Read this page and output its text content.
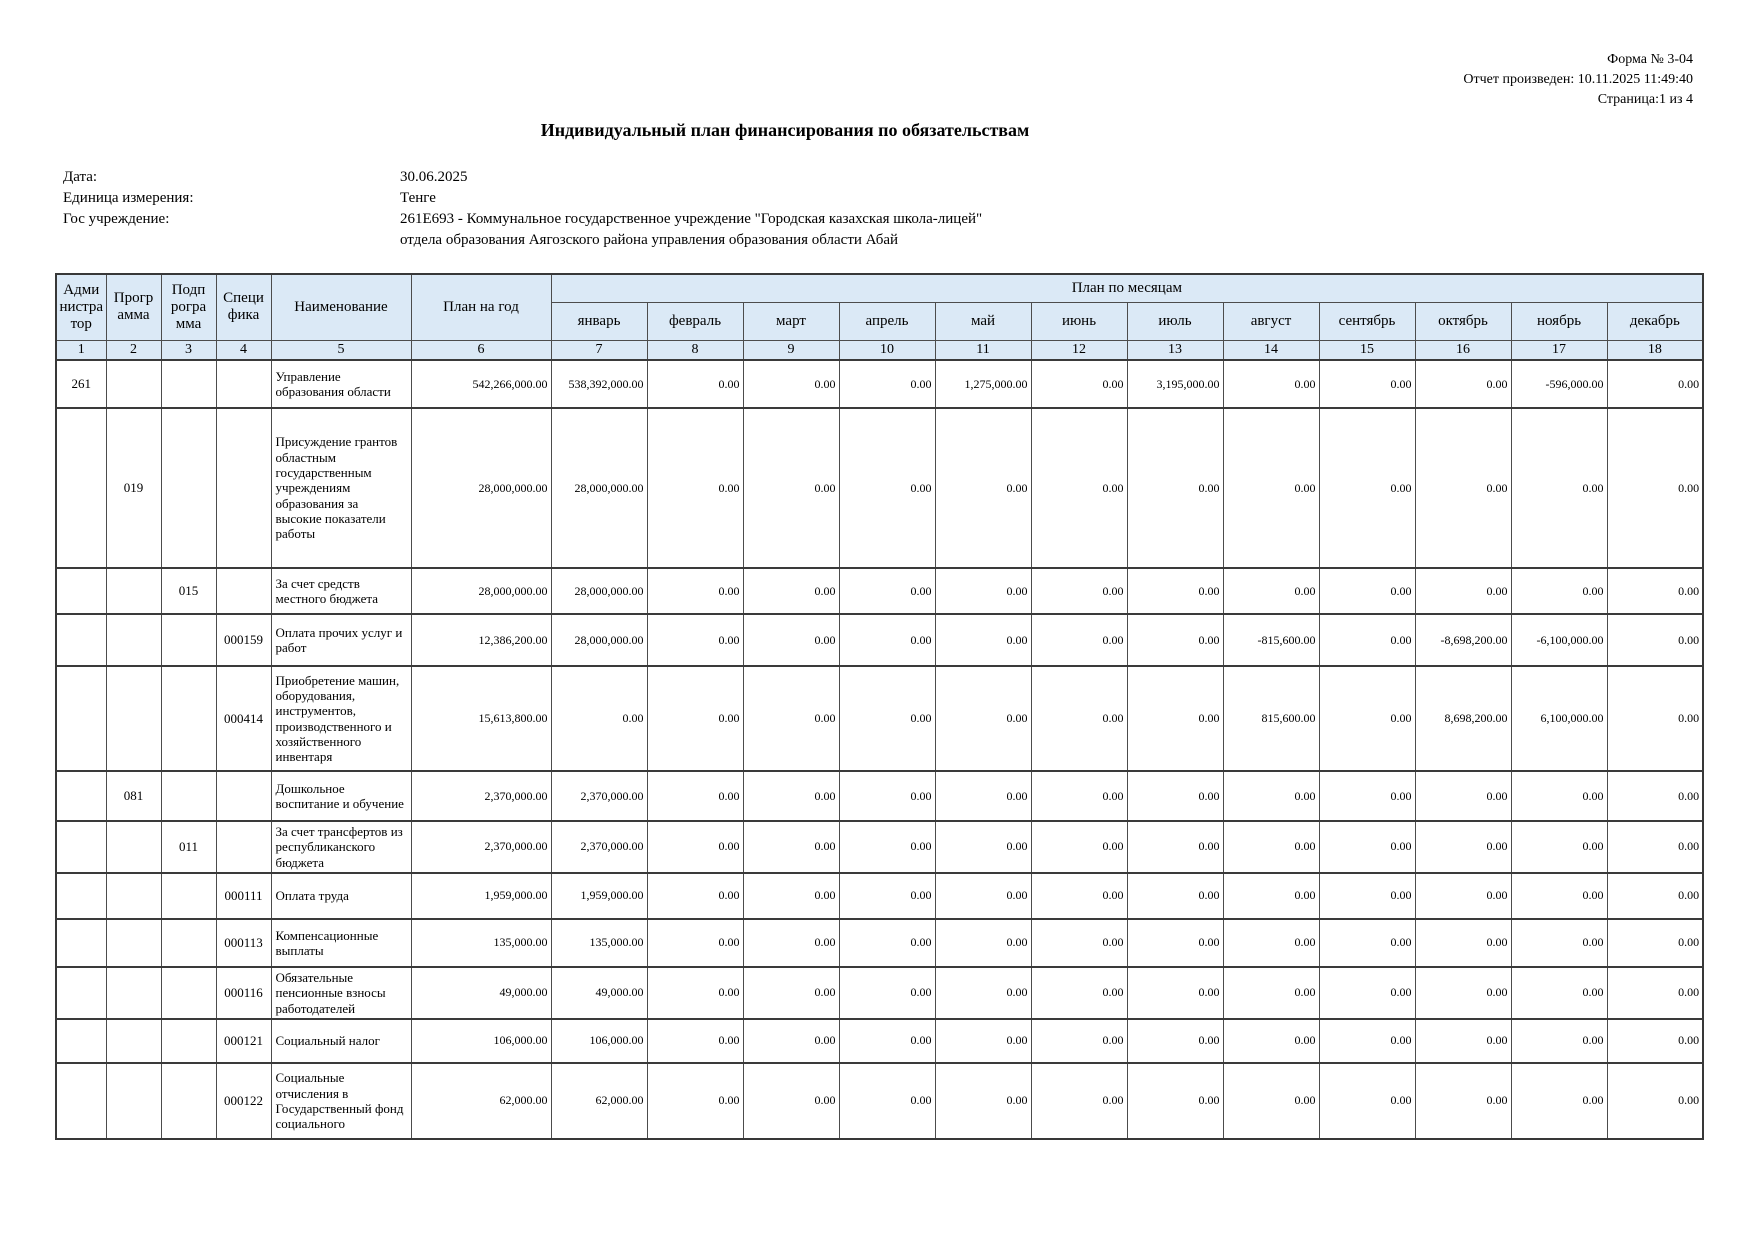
Форма № 3-04
Отчет произведен: 10.11.2025 11:49:40
Страница:1 из 4
Индивидуальный план финансирования по обязательствам
Дата:	30.06.2025
Единица измерения:	Тенге
Гос учреждение:	261E693 - Коммунальное государственное учреждение "Городская казахская школа-лицей" отдела образования Аягозского района управления образования области Абай
Адми нистра тор	Прогр амма	Подп рогра мма	Специ фика	Наименование	План на год	План по месяцам											
						январь	февраль	март	апрель	май	июнь	июль	август	сентябрь	октябрь	ноябрь	декабрь
1	2	3	4	5	6	7	8	9	10	11	12	13	14	15	16	17	18
261				Управление образования области	542,266,000.00	538,392,000.00	0.00	0.00	0.00	1,275,000.00	0.00	3,195,000.00	0.00	0.00	0.00	-596,000.00	0.00
	019			Присуждение грантов областным государственным учреждениям образования за высокие показатели работы	28,000,000.00	28,000,000.00	0.00	0.00	0.00	0.00	0.00	0.00	0.00	0.00	0.00	0.00	0.00
		015		За счет средств местного бюджета	28,000,000.00	28,000,000.00	0.00	0.00	0.00	0.00	0.00	0.00	0.00	0.00	0.00	0.00	0.00
			000159	Оплата прочих услуг и работ	12,386,200.00	28,000,000.00	0.00	0.00	0.00	0.00	0.00	0.00	-815,600.00	0.00	-8,698,200.00	-6,100,000.00	0.00
			000414	Приобретение машин, оборудования, инструментов, производственного и хозяйственного инвентаря	15,613,800.00	0.00	0.00	0.00	0.00	0.00	0.00	0.00	815,600.00	0.00	8,698,200.00	6,100,000.00	0.00
	081			Дошкольное воспитание и обучение	2,370,000.00	2,370,000.00	0.00	0.00	0.00	0.00	0.00	0.00	0.00	0.00	0.00	0.00	0.00
		011		За счет трансфертов из республиканского бюджета	2,370,000.00	2,370,000.00	0.00	0.00	0.00	0.00	0.00	0.00	0.00	0.00	0.00	0.00	0.00
			000111	Оплата труда	1,959,000.00	1,959,000.00	0.00	0.00	0.00	0.00	0.00	0.00	0.00	0.00	0.00	0.00	0.00
			000113	Компенсационные выплаты	135,000.00	135,000.00	0.00	0.00	0.00	0.00	0.00	0.00	0.00	0.00	0.00	0.00	0.00
			000116	Обязательные пенсионные взносы работодателей	49,000.00	49,000.00	0.00	0.00	0.00	0.00	0.00	0.00	0.00	0.00	0.00	0.00	0.00
			000121	Социальный налог	106,000.00	106,000.00	0.00	0.00	0.00	0.00	0.00	0.00	0.00	0.00	0.00	0.00	0.00
			000122	Социальные отчисления в Государственный фонд социального	62,000.00	62,000.00	0.00	0.00	0.00	0.00	0.00	0.00	0.00	0.00	0.00	0.00	0.00
